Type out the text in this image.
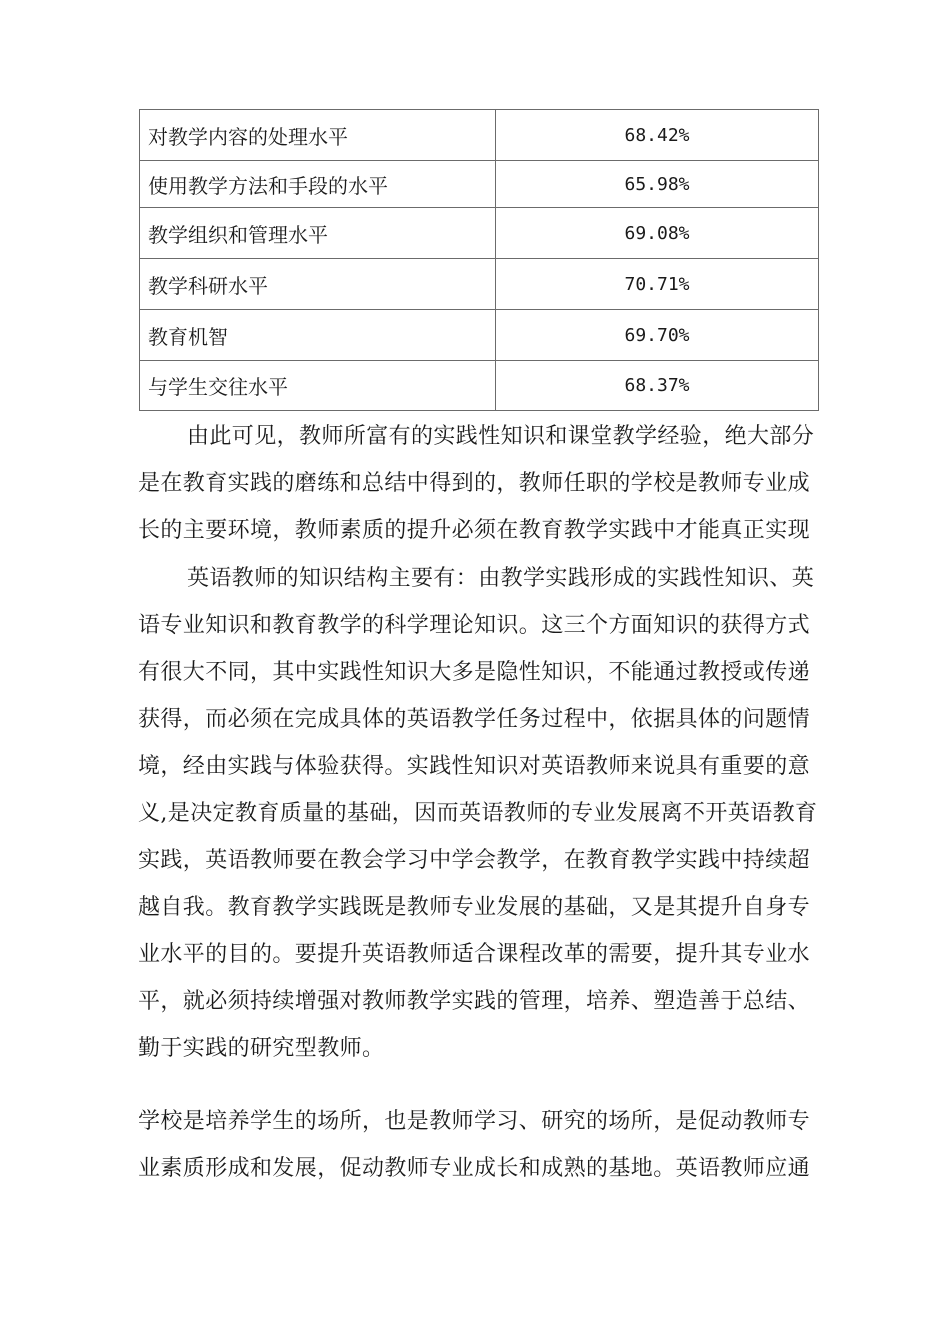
对教学内容的处理水平	68.42%
使用教学方法和手段的水平	65.98%
教学组织和管理水平	69.08%
教学科研水平	70.71%
教育机智	69.70%
与学生交往水平	68.37%
由此可见，教师所富有的实践性知识和课堂教学经验，绝大部分
是在教育实践的磨练和总结中得到的，教师任职的学校是教师专业成
长的主要环境，教师素质的提升必须在教育教学实践中才能真正实现
英语教师的知识结构主要有：由教学实践形成的实践性知识、英
语专业知识和教育教学的科学理论知识。这三个方面知识的获得方式
有很大不同，其中实践性知识大多是隐性知识，不能通过教授或传递
获得，而必须在完成具体的英语教学任务过程中，依据具体的问题情
境，经由实践与体验获得。实践性知识对英语教师来说具有重要的意
义,是决定教育质量的基础，因而英语教师的专业发展离不开英语教育
实践，英语教师要在教会学习中学会教学，在教育教学实践中持续超
越自我。教育教学实践既是教师专业发展的基础，又是其提升自身专
业水平的目的。要提升英语教师适合课程改革的需要，提升其专业水
平，就必须持续增强对教师教学实践的管理，培养、塑造善于总结、
勤于实践的研究型教师。
学校是培养学生的场所，也是教师学习、研究的场所，是促动教师专
业素质形成和发展，促动教师专业成长和成熟的基地。英语教师应通
